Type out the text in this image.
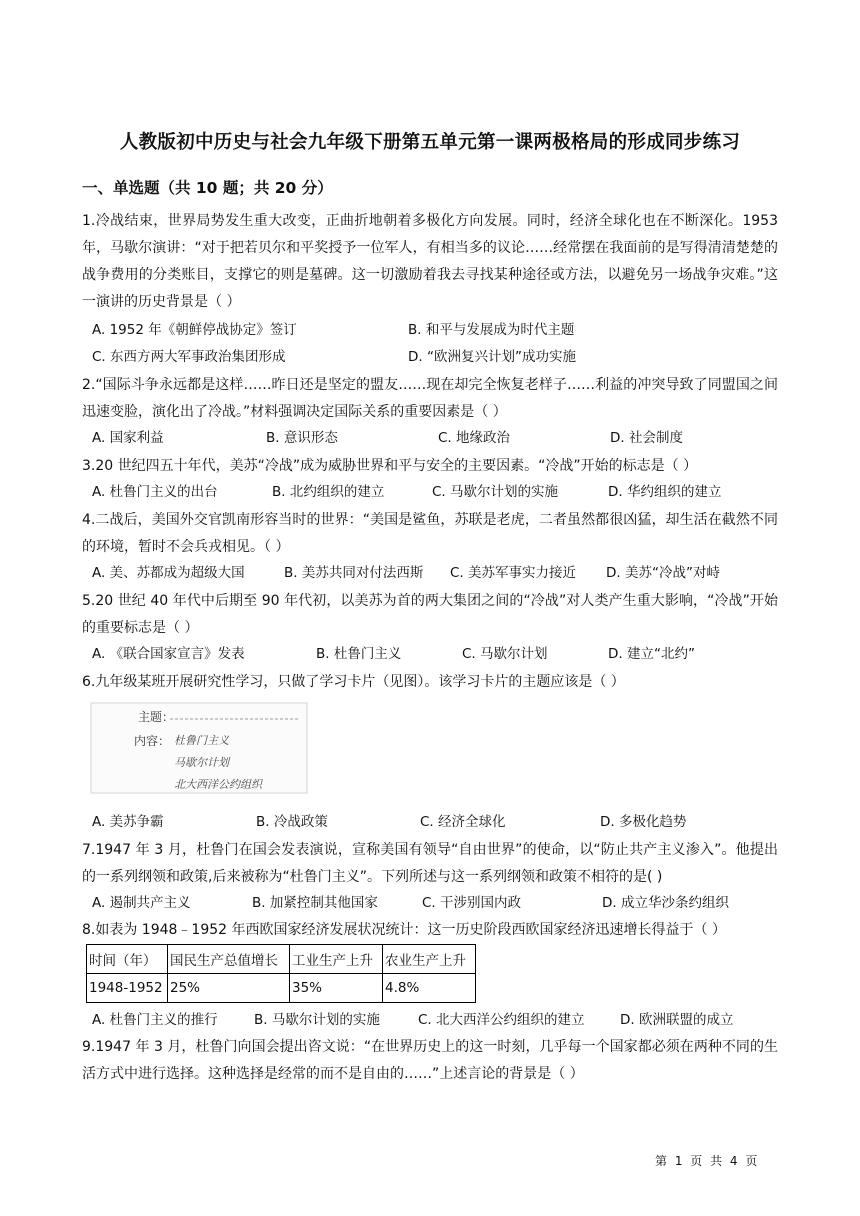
人教版初中历史与社会九年级下册第五单元第一课两极格局的形成同步练习
一、单选题（共 10 题；共 20 分）
1.冷战结束，世界局势发生重大改变，正曲折地朝着多极化方向发展。同时，经济全球化也在不断深化。1953 年，马歇尔演讲：“对于把若贝尔和平奖授予一位军人，有相当多的议论……经常摆在我面前的是写得清清楚楚的战争费用的分类账目，支撑它的则是墓碑。这一切激励着我去寻找某种途径或方法，以避免另一场战争灾难。”这一演讲的历史背景是（ ）
A. 1952 年《朝鲜停战协定》签订	B. 和平与发展成为时代主题
C. 东西方两大军事政治集团形成	D. “欧洲复兴计划”成功实施
2.“国际斗争永远都是这样……昨日还是坚定的盟友……现在却完全恢复老样子……利益的冲突导致了同盟国之间迅速变脸，演化出了冷战。”材料强调决定国际关系的重要因素是（ ）
A. 国家利益	B. 意识形态	C. 地缘政治	D. 社会制度
3.20 世纪四五十年代，美苏“冷战”成为威胁世界和平与安全的主要因素。“冷战”开始的标志是（ ）
A. 杜鲁门主义的出台	B. 北约组织的建立	C. 马歇尔计划的实施	D. 华约组织的建立
4.二战后，美国外交官凯南形容当时的世界：“美国是鲨鱼，苏联是老虎，二者虽然都很凶猛，却生活在截然不同的环境，暂时不会兵戎相见。（ ）
A. 美、苏都成为超级大国	B. 美苏共同对付法西斯 C. 美苏军事实力接近 D. 美苏“冷战”对峙
5.20 世纪 40 年代中后期至 90 年代初，以美苏为首的两大集团之间的“冷战”对人类产生重大影响，“冷战”开始的重要标志是（ ）
A. 《联合国家宣言》发表	B. 杜鲁门主义	C. 马歇尔计划	D. 建立“北约”
6.九年级某班开展研究性学习，只做了学习卡片（见图）。该学习卡片的主题应该是（ ）
主题：
内容： 杜鲁门主义
马歇尔计划
北大西洋公约组织
A. 美苏争霸	B. 冷战政策	C. 经济全球化	D. 多极化趋势
7.1947 年 3 月，杜鲁门在国会发表演说，宣称美国有领导“自由世界”的使命，以“防止共产主义渗入”。他提出的一系列纲领和政策,后来被称为“杜鲁门主义”。下列所述与这一系列纲领和政策不相符的是( )
A. 遏制共产主义	B. 加紧控制其他国家	C. 干涉别国内政	D. 成立华沙条约组织
8.如表为 1948﹣1952 年西欧国家经济发展状况统计：这一历史阶段西欧国家经济迅速增长得益于（ ）
时间（年）	国民生产总值增长	工业生产上升	农业生产上升
1948-1952	25%	35%	4.8%
A. 杜鲁门主义的推行	B. 马歇尔计划的实施	C. 北大西洋公约组织的建立	D. 欧洲联盟的成立
9.1947 年 3 月，杜鲁门向国会提出咨文说：“在世界历史上的这一时刻，几乎每一个国家都必须在两种不同的生活方式中进行选择。这种选择是经常的而不是自由的……”上述言论的背景是（ ）
第 1 页 共 4 页
